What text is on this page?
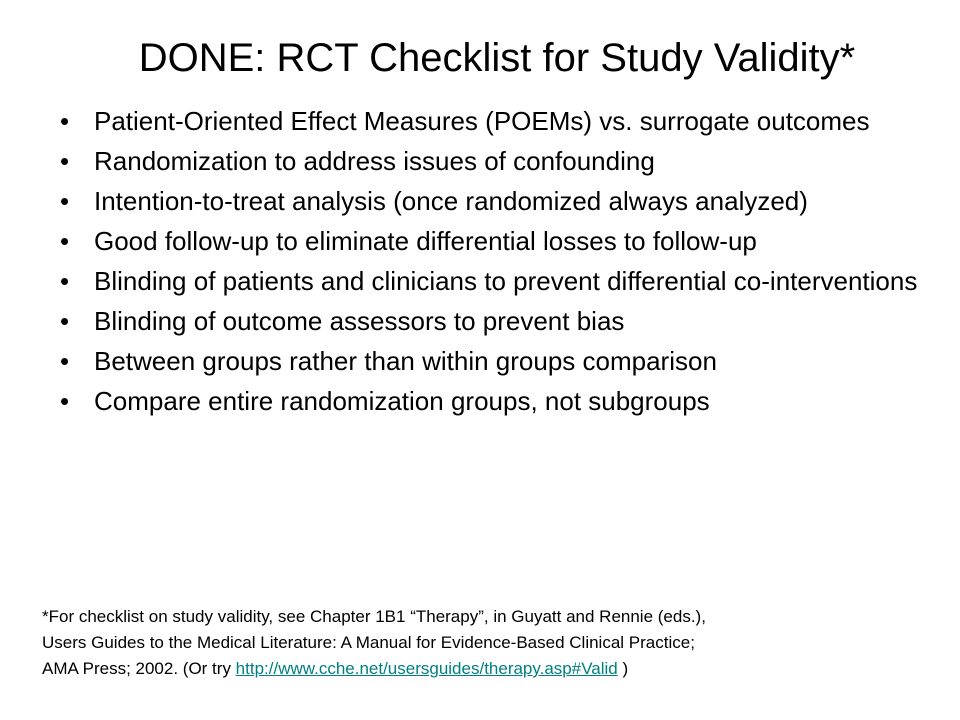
DONE: RCT Checklist for Study Validity*
• Patient-Oriented Effect Measures (POEMs) vs. surrogate outcomes
• Randomization to address issues of confounding
• Intention-to-treat analysis (once randomized always analyzed)
• Good follow-up to eliminate differential losses to follow-up
• Blinding of patients and clinicians to prevent differential co-interventions
• Blinding of outcome assessors to prevent bias
• Between groups rather than within groups comparison
• Compare entire randomization groups, not subgroups
*For checklist on study validity, see Chapter 1B1 “Therapy”, in Guyatt and Rennie (eds.),
Users Guides to the Medical Literature: A Manual for Evidence-Based Clinical Practice;
AMA Press; 2002. (Or try http://www.cche.net/usersguides/therapy.asp#Valid )
